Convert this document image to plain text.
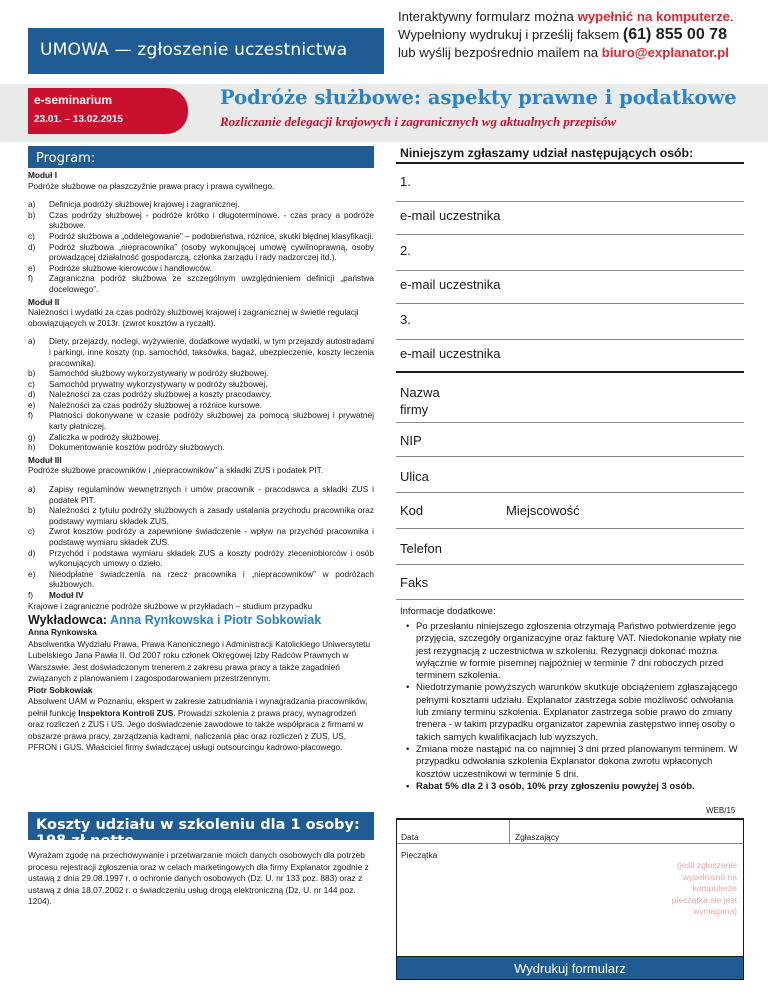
UMOWA — zgłoszenie uczestnictwa
Interaktywny formularz można wypełnić na komputerze.
Wypełniony wydrukuj i prześlij faksem (61) 855 00 78
lub wyślij bezpośrednio mailem na biuro@explanator.pl
e-seminarium
23.01. – 13.02.2015
Podróże służbowe: aspekty prawne i podatkowe
Rozliczanie delegacji krajowych i zagranicznych wg aktualnych przepisów
Program:
Moduł I
Podróże służbowe na płaszczyźnie prawa pracy i prawa cywilnego.
a)	Definicja podróży służbowej krajowej i zagranicznej.
b)	Czas podróży służbowej - podróże krótko i długoterminowe. - czas pracy a podróże służbowe.
c)	Podróż służbowa a „oddelegowanie” – podobieństwa, różnice, skutki błędnej klasyfikacji.
d)	Podróż służbowa „niepracownika” (osoby wykonującej umowę cywilnoprawną, osoby prowadzącej działalność gospodarczą, członka zarządu i rady nadzorczej itd.).
e)	Podróże służbowe kierowców i handlowców.
f)	Zagraniczna podróż służbowa ze szczególnym uwzględnieniem definicji „państwa docelowego”.
Moduł II
Należności i wydatki za czas podróży służbowej krajowej i zagranicznej w świetle regulacji obowiązujących w 2013r. (zwrot kosztów a ryczałt).
a)	Diety, przejazdy, noclegi, wyżywienie, dodatkowe wydatki, w tym przejazdy autostradami i parkingi, inne koszty (np. samochód, taksówka, bagaż, ubezpieczenie, koszty leczenia pracownika).
b)	Samochód służbowy wykorzystywany w podróży służbowej.
c)	Samochód prywatny wykorzystywany w podróży służbowej.
d)	Należności za czas podróży służbowej a koszty pracodawcy.
e)	Należności za czas podróży służbowej a różnice kursowe.
f)	Płatności dokonywane w czasie podróży służbowej za pomocą służbowej i prywatnej karty płatniczej.
g)	Zaliczka w podróży służbowej.
h)	Dokumentowanie kosztów podróży służbowych.
Moduł III
Podróże służbowe pracowników i „niepracowników” a składki ZUS i podatek PIT.
a)	Zapisy regulaminów wewnętrznych i umów pracownik - pracodawca a składki ZUS i podatek PIT.
b)	Należności z tytułu podróży służbowych a zasady ustalania przychodu pracownika oraz podstawy wymiaru składek ZUS.
c)	Zwrot kosztów podróży a zapewnione świadczenie - wpływ na przychód pracownika i podstawę wymiaru składek ZUS.
d)	Przychód i podstawa wymiaru składek ZUS a koszty podróży zleceniobiorców i osób wykonujących umowy o dzieło.
e)	Nieodpłatne świadczenia na rzecz pracownika i „niepracowników” w podróżach służbowych.
f)	Moduł IV
Krajowe i zagraniczne podróże służbowe w przykładach – studium przypadku
Wykładowca: Anna Rynkowska i Piotr Sobkowiak
Anna Rynkowska
Absolwentka Wydziału Prawa, Prawa Kanonicznego i Administracji Katolickiego Uniwersytetu Lubelskiego Jana Pawła II. Od 2007 roku członek Okręgowej Izby Radców Prawnych w Warszawie. Jest doświadczonym trenerem z zakresu prawa pracy a także zagadnień związanych z planowaniem i zagospodarowaniem przestrzennym.
Piotr Sobkowiak
Absolwent UAM w Poznaniu, ekspert w zakresie zatrudniania i wynagradzania pracowników, pełnił funkcję Inspektora Kontroli ZUS. Prowadzi szkolenia z prawa pracy, wynagrodzeń oraz rozliczeń z ZUS i US. Jego doświadczenie zawodowe to także współpraca z firmami w obszarze prawa pracy, zarządzania kadrami, naliczania płac oraz rozliczeń z ZUS, US, PFRON i GUS. Właściciel firmy świadczącej usługi outsourcingu kadrowo-płacowego.
Koszty udziału w szkoleniu dla 1 osoby: 198 zł netto
Wyrażam zgodę na przechowywanie i przetwarzanie moich danych osobowych dla potrzeb procesu rejestracji zgłoszenia oraz w celach marketingowych dla firmy Explanator zgodnie z ustawą z dnia 29.08.1997 r. o ochronie danych osobowych (Dz. U. nr 133 poz. 883) oraz z ustawą z dnia 18.07.2002 r. o świadczeniu usług drogą elektroniczną (Dz. U. nr 144 poz. 1204).
Niniejszym zgłaszamy udział następujących osób:
1.
e-mail uczestnika
2.
e-mail uczestnika
3.
e-mail uczestnika
Nazwa
firmy
NIP
Ulica
Kod	Miejscowość
Telefon
Faks
Informacje dodatkowe:
• Po przesłaniu niniejszego zgłoszenia otrzymają Państwo potwierdzenie jego przyjęcia, szczegóły organizacyjne oraz fakturę VAT. Niedokonanie wpłaty nie jest rezygnacją z uczestnictwa w szkoleniu. Rezygnacji dokonać można wyłącznie w formie pisemnej najpóźniej w terminie 7 dni roboczych przed terminem szkolenia.
• Niedotrzymanie powyższych warunków skutkuje obciążeniem zgłaszającego pełnymi kosztami udziału. Explanator zastrzega sobie możliwość odwołania lub zmiany terminu szkolenia. Explanator zastrzega sobie prawo do zmiany trenera - w takim przypadku organizator zapewnia zastępstwo innej osoby o takich samych kwalifikacjach lub wyższych.
• Zmiana może nastąpić na co najmniej 3 dni przed planowanym terminem. W przypadku odwołania szkolenia Explanator dokona zwrotu wpłaconych kosztów uczestnikowi w terminie 5 dni.
• Rabat 5% dla 2 i 3 osób, 10% przy zgłoszeniu powyżej 3 osób.
WEB/15
Data	Zgłaszający
Pieczątka
(jeśli zgłoszenie wypełniono na komputerze pieczątka nie jest wymagana)
Wydrukuj formularz
